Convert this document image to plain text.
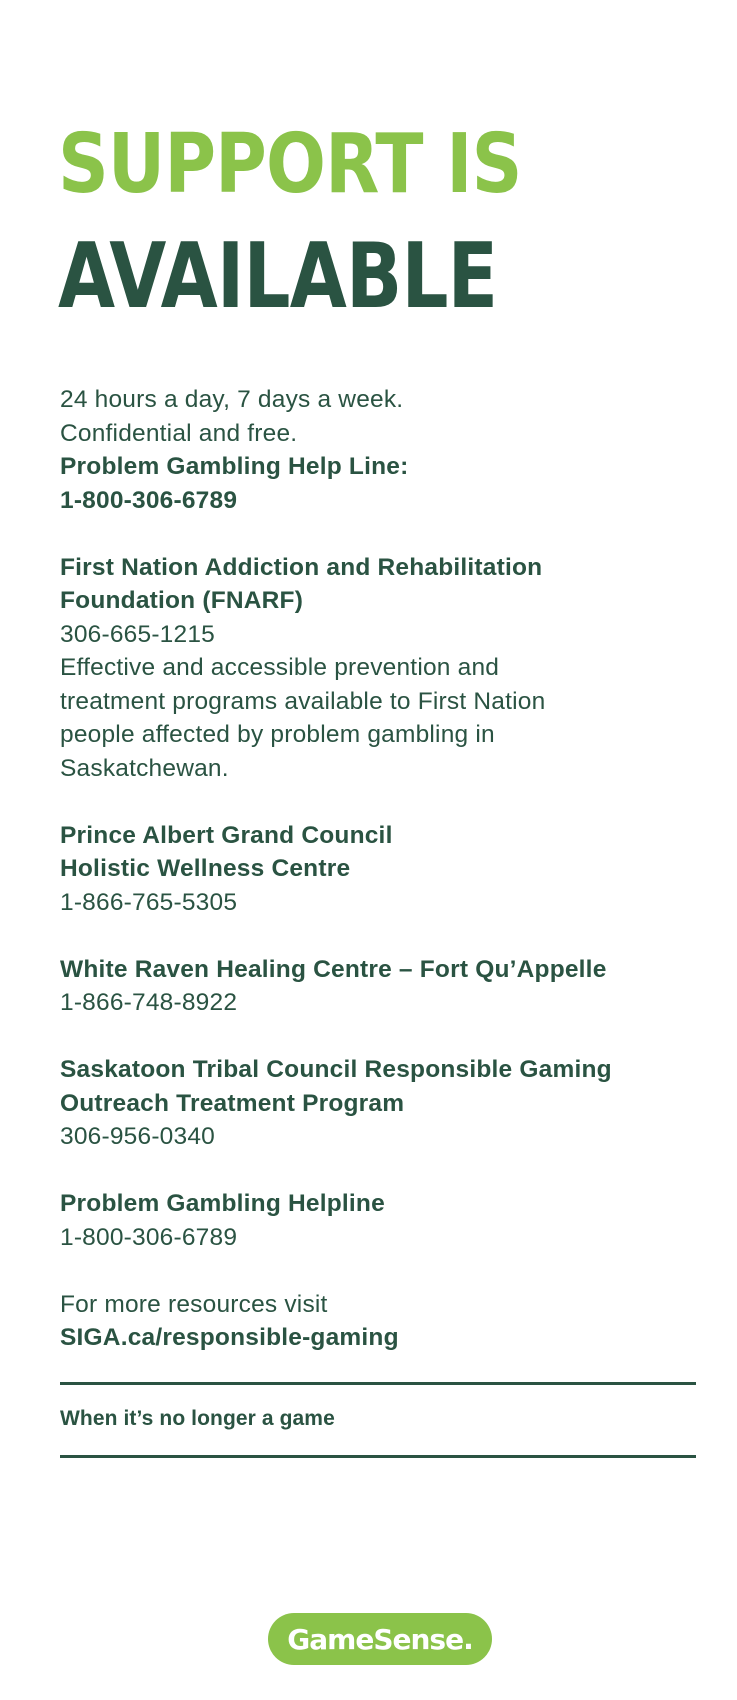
SUPPORT IS
AVAILABLE
24 hours a day, 7 days a week.
Confidential and free.
Problem Gambling Help Line:
1-800-306-6789
First Nation Addiction and Rehabilitation
Foundation (FNARF)
306-665-1215
Effective and accessible prevention and
treatment programs available to First Nation
people affected by problem gambling in
Saskatchewan.
Prince Albert Grand Council
Holistic Wellness Centre
1-866-765-5305
White Raven Healing Centre – Fort Qu’Appelle
1-866-748-8922
Saskatoon Tribal Council Responsible Gaming
Outreach Treatment Program
306-956-0340
Problem Gambling Helpline
1-800-306-6789
For more resources visit
SIGA.ca/responsible-gaming
When it’s no longer a game
GameSense.
